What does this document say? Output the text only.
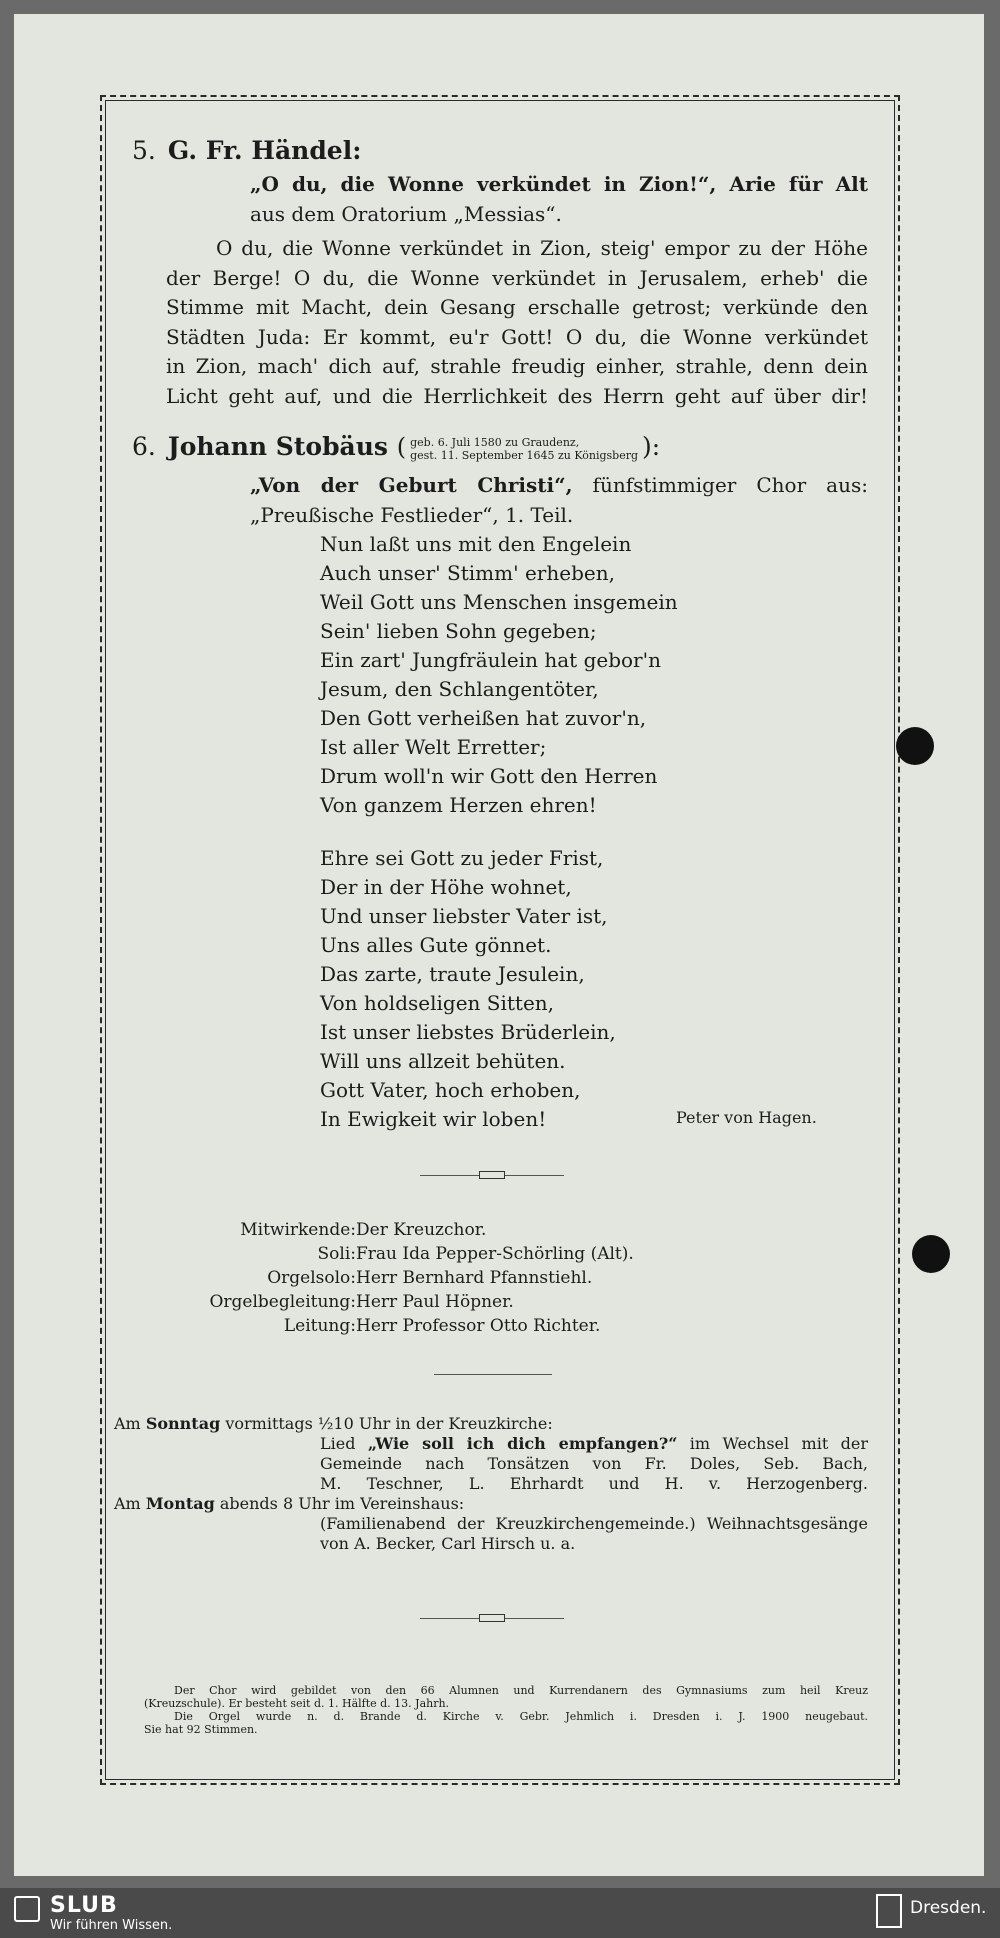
5. G. Fr. Händel:
„O du, die Wonne verkündet in Zion!“, Arie für Alt
aus dem Oratorium „Messias“.
O du, die Wonne verkündet in Zion, steig' empor zu der Höhe
der Berge! O du, die Wonne verkündet in Jerusalem, erheb' die
Stimme mit Macht, dein Gesang erschalle getrost; verkünde den
Städten Juda: Er kommt, eu'r Gott! O du, die Wonne verkündet
in Zion, mach' dich auf, strahle freudig einher, strahle, denn dein
Licht geht auf, und die Herrlichkeit des Herrn geht auf über dir!
6. Johann Stobäus ( geb. 6. Juli 1580 zu Graudenz,
gest. 11. September 1645 zu Königsberg ):
„Von der Geburt Christi“, fünfstimmiger Chor aus:
„Preußische Festlieder“, 1. Teil.
Nun laßt uns mit den Engelein
Auch unser' Stimm' erheben,
Weil Gott uns Menschen insgemein
Sein' lieben Sohn gegeben;
Ein zart' Jungfräulein hat gebor'n
Jesum, den Schlangentöter,
Den Gott verheißen hat zuvor'n,
Ist aller Welt Erretter;
Drum woll'n wir Gott den Herren
Von ganzem Herzen ehren!
Ehre sei Gott zu jeder Frist,
Der in der Höhe wohnet,
Und unser liebster Vater ist,
Uns alles Gute gönnet.
Das zarte, traute Jesulein,
Von holdseligen Sitten,
Ist unser liebstes Brüderlein,
Will uns allzeit behüten.
Gott Vater, hoch erhoben,
In Ewigkeit wir loben!	Peter von Hagen.
Mitwirkende: Der Kreuzchor.
Soli: Frau Ida Pepper-Schörling (Alt).
Orgelsolo: Herr Bernhard Pfannstiehl.
Orgelbegleitung: Herr Paul Höpner.
Leitung: Herr Professor Otto Richter.
Am Sonntag vormittags ½10 Uhr in der Kreuzkirche:
Lied „Wie soll ich dich empfangen?“ im Wechsel mit der
Gemeinde nach Tonsätzen von Fr. Doles, Seb. Bach,
M. Teschner, L. Ehrhardt und H. v. Herzogenberg.
Am Montag abends 8 Uhr im Vereinshaus:
(Familienabend der Kreuzkirchengemeinde.) Weihnachtsgesänge
von A. Becker, Carl Hirsch u. a.
Der Chor wird gebildet von den 66 Alumnen und Kurrendanern des Gymnasiums zum heil Kreuz
(Kreuzschule). Er besteht seit d. 1. Hälfte d. 13. Jahrh.
Die Orgel wurde n. d. Brande d. Kirche v. Gebr. Jehmlich i. Dresden i. J. 1900 neugebaut.
Sie hat 92 Stimmen.
SLUB
Wir führen Wissen.
Dresden.
